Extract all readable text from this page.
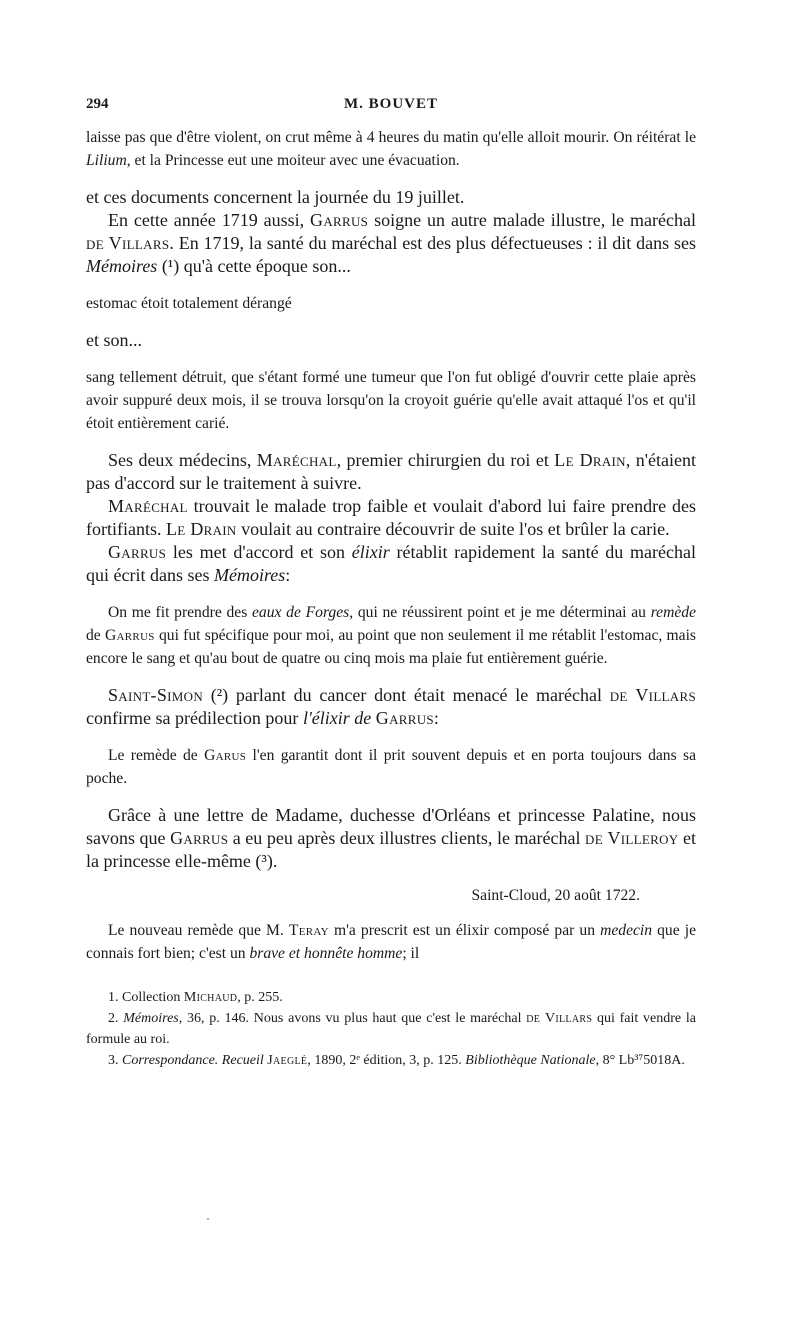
294	M. BOUVET

laisse pas que d'être violent, on crut même à 4 heures du matin qu'elle alloit mourir. On réitérat le Lilium, et la Princesse eut une moiteur avec une évacuation.

et ces documents concernent la journée du 19 juillet.

En cette année 1719 aussi, Garrus soigne un autre malade illustre, le maréchal de Villars. En 1719, la santé du maréchal est des plus défectueuses : il dit dans ses Mémoires (¹) qu'à cette époque son...

estomac étoit totalement dérangé

et son...

sang tellement détruit, que s'étant formé une tumeur que l'on fut obligé d'ouvrir cette plaie après avoir suppuré deux mois, il se trouva lorsqu'on la croyoit guérie qu'elle avait attaqué l'os et qu'il étoit entièrement carié.

Ses deux médecins, Maréchal, premier chirurgien du roi et Le Drain, n'étaient pas d'accord sur le traitement à suivre.

Maréchal trouvait le malade trop faible et voulait d'abord lui faire prendre des fortifiants. Le Drain voulait au contraire découvrir de suite l'os et brûler la carie.

Garrus les met d'accord et son élixir rétablit rapidement la santé du maréchal qui écrit dans ses Mémoires:

On me fit prendre des eaux de Forges, qui ne réussirent point et je me déterminai au remède de Garrus qui fut spécifique pour moi, au point que non seulement il me rétablit l'estomac, mais encore le sang et qu'au bout de quatre ou cinq mois ma plaie fut entièrement guérie.

Saint-Simon (²) parlant du cancer dont était menacé le maréchal de Villars confirme sa prédilection pour l'élixir de Garrus:

Le remède de Garus l'en garantit dont il prit souvent depuis et en porta toujours dans sa poche.

Grâce à une lettre de Madame, duchesse d'Orléans et princesse Palatine, nous savons que Garrus a eu peu après deux illustres clients, le maréchal de Villeroy et la princesse elle-même (³).

Saint-Cloud, 20 août 1722.

Le nouveau remède que M. Teray m'a prescrit est un élixir composé par un medecin que je connais fort bien; c'est un brave et honnête homme; il

1. Collection Michaud, p. 255.

2. Mémoires, 36, p. 146. Nous avons vu plus haut que c'est le maréchal de Villars qui fait vendre la formule au roi.

3. Correspondance. Recueil Jaeglé, 1890, 2ᵉ édition, 3, p. 125. Bibliothèque Nationale, 8° Lb³⁷5018A.
